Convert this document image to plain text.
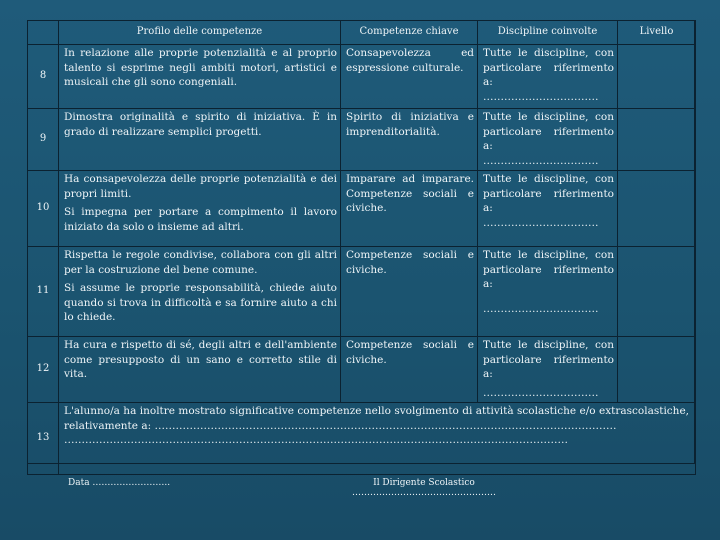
	Profilo delle competenze	Competenze chiave	Discipline coinvolte	Livello
8	In relazione alle proprie potenzialità e al proprio talento si esprime negli ambiti motori, artistici e musicali che gli sono congeniali.	Consapevolezza ed espressione culturale.	Tutte le discipline, con particolare riferimento a:
……………………………	

9	Dimostra originalità e spirito di iniziativa. È in grado di realizzare semplici progetti.	Spirito di iniziativa e imprenditorialità.	Tutte le discipline, con particolare riferimento a:
……………………………	

10	Ha consapevolezza delle proprie potenzialità e dei propri limiti.
Si impegna per portare a compimento il lavoro iniziato da solo o insieme ad altri.	Imparare ad imparare. Competenze sociali e civiche.	Tutte le discipline, con particolare riferimento a:
……………………………	

11	Rispetta le regole condivise, collabora con gli altri per la costruzione del bene comune.
Si assume le proprie responsabilità, chiede aiuto quando si trova in difficoltà e sa fornire aiuto a chi lo chiede.	Competenze sociali e civiche.	Tutte le discipline, con particolare riferimento a:
……………………………	

12	Ha cura e rispetto di sé, degli altri e dell'ambiente come presupposto di un sano e corretto stile di vita.	Competenze sociali e civiche.	Tutte le discipline, con particolare riferimento a:
……………………………	

13	L'alunno/a ha inoltre mostrato significative competenze nello svolgimento di attività scolastiche e/o extrascolastiche, relativamente a: ……………………………………………………………………………………………………………………
………………………………………………………………………………………………………………………………			
Data ……………………..	Il Dirigente Scolastico
…………………………………………
